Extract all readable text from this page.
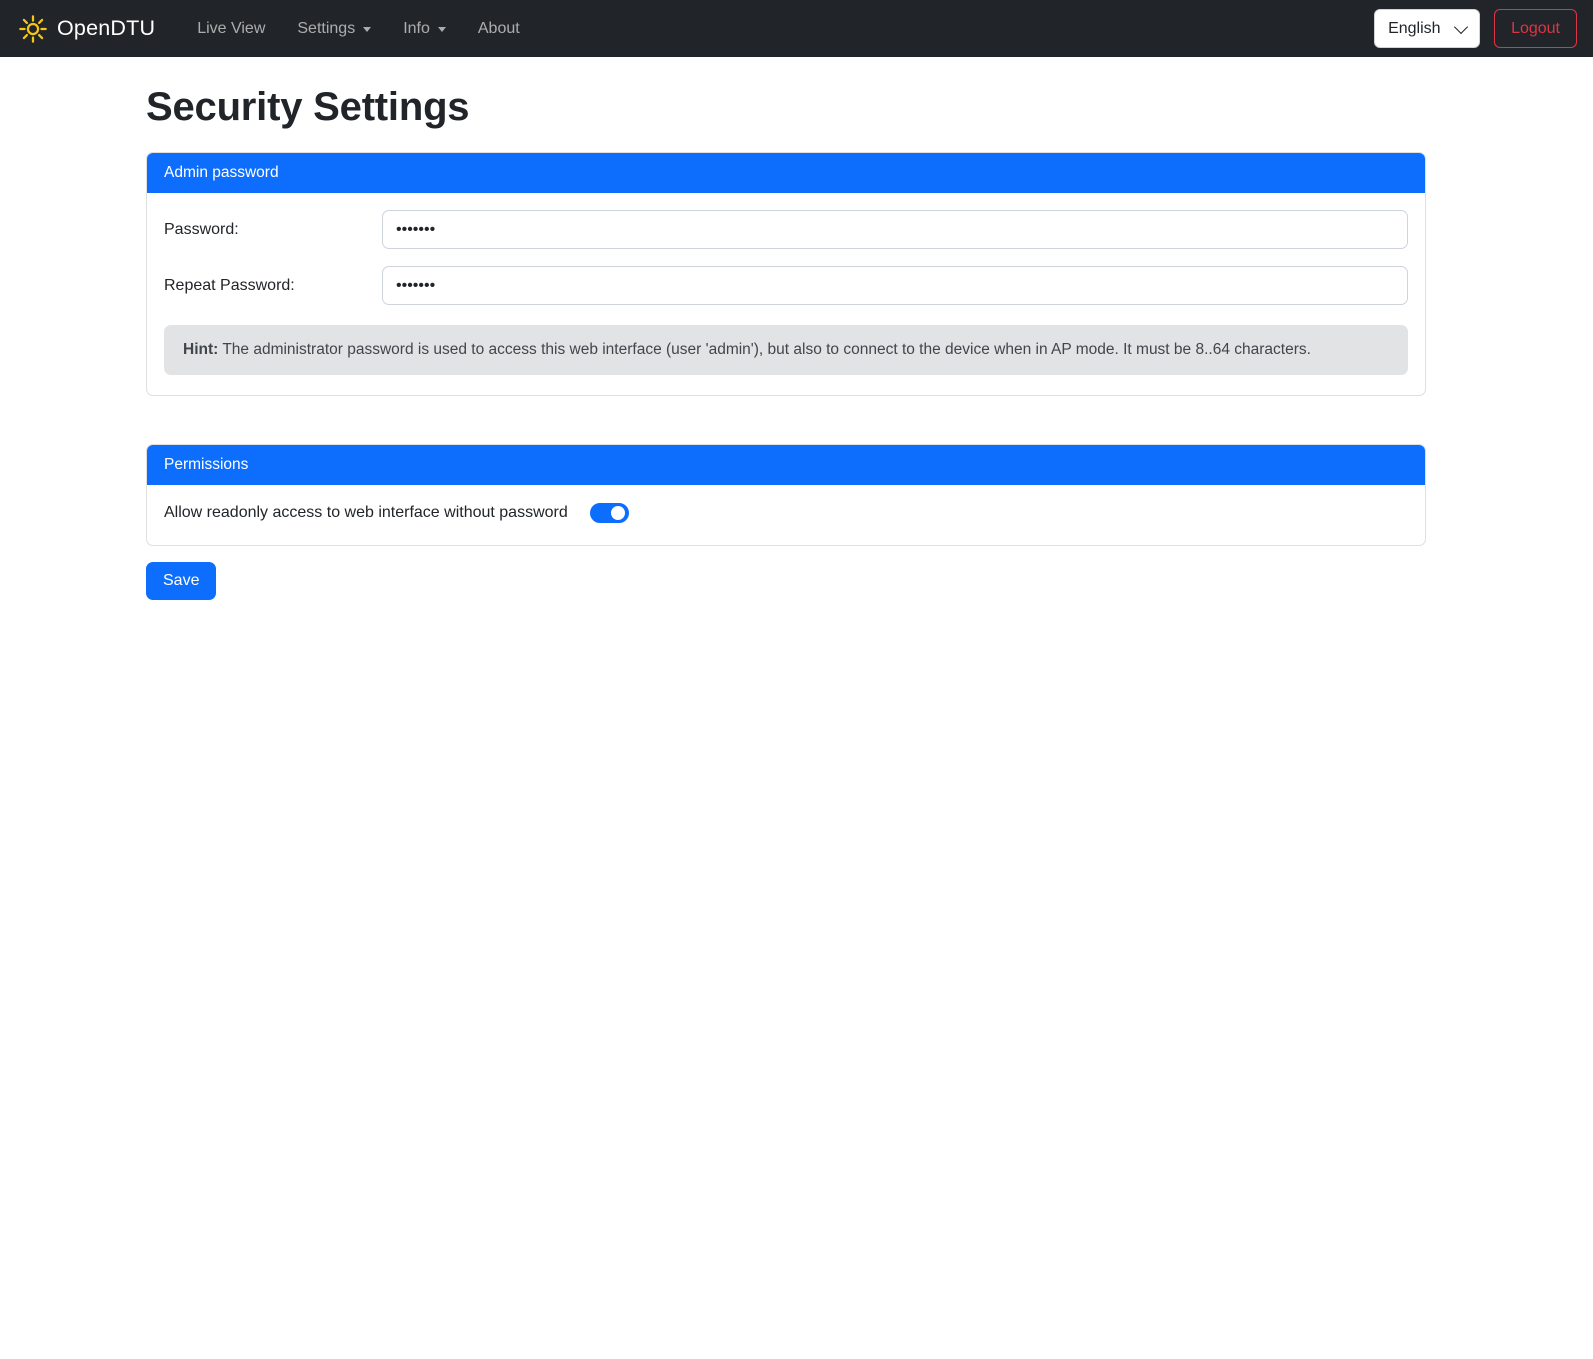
OpenDTU	Live View Settings	Info	About
English	Logout
Security Settings
Admin password
Password:
Repeat Password:
Hint: The administrator password is used to access this web interface (user 'admin'), but also to connect to the device when in AP mode. It must be 8..64 characters.
Permissions
Allow readonly access to web interface without password
Save
